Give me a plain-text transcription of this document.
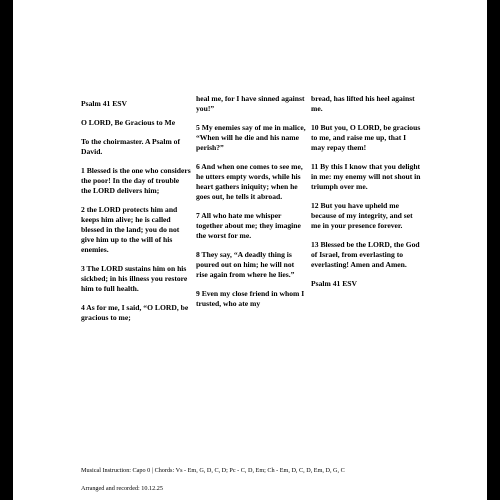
Psalm 41 ESV

O LORD, Be Gracious to Me

To the choirmaster. A Psalm of David.

1 Blessed is the one who considers the poor! In the day of trouble the LORD delivers him;

2 the LORD protects him and keeps him alive; he is called blessed in the land; you do not give him up to the will of his enemies.

3 The LORD sustains him on his sickbed; in his illness you restore him to full health.

4 As for me, I said, “O LORD, be gracious to me;

heal me, for I have sinned against you!”

5 My enemies say of me in malice, “When will he die and his name perish?”

6 And when one comes to see me, he utters empty words, while his heart gathers iniquity; when he goes out, he tells it abroad.

7 All who hate me whisper together about me; they imagine the worst for me.

8 They say, “A deadly thing is poured out on him; he will not rise again from where he lies.”

9 Even my close friend in whom I trusted, who ate my

bread, has lifted his heel against me.

10 But you, O LORD, be gracious to me, and raise me up, that I may repay them!

11 By this I know that you delight in me: my enemy will not shout in triumph over me.

12 But you have upheld me because of my integrity, and set me in your presence forever.

13 Blessed be the LORD, the God of Israel, from everlasting to everlasting! Amen and Amen.

Psalm 41 ESV

Musical Instruction: Capo 0 | Chords: Vs - Em, G, D, C, D; Pc - C, D, Em; Ch - Em, D, C, D, Em, D, G, C
Arranged and recorded: 10.12.25
